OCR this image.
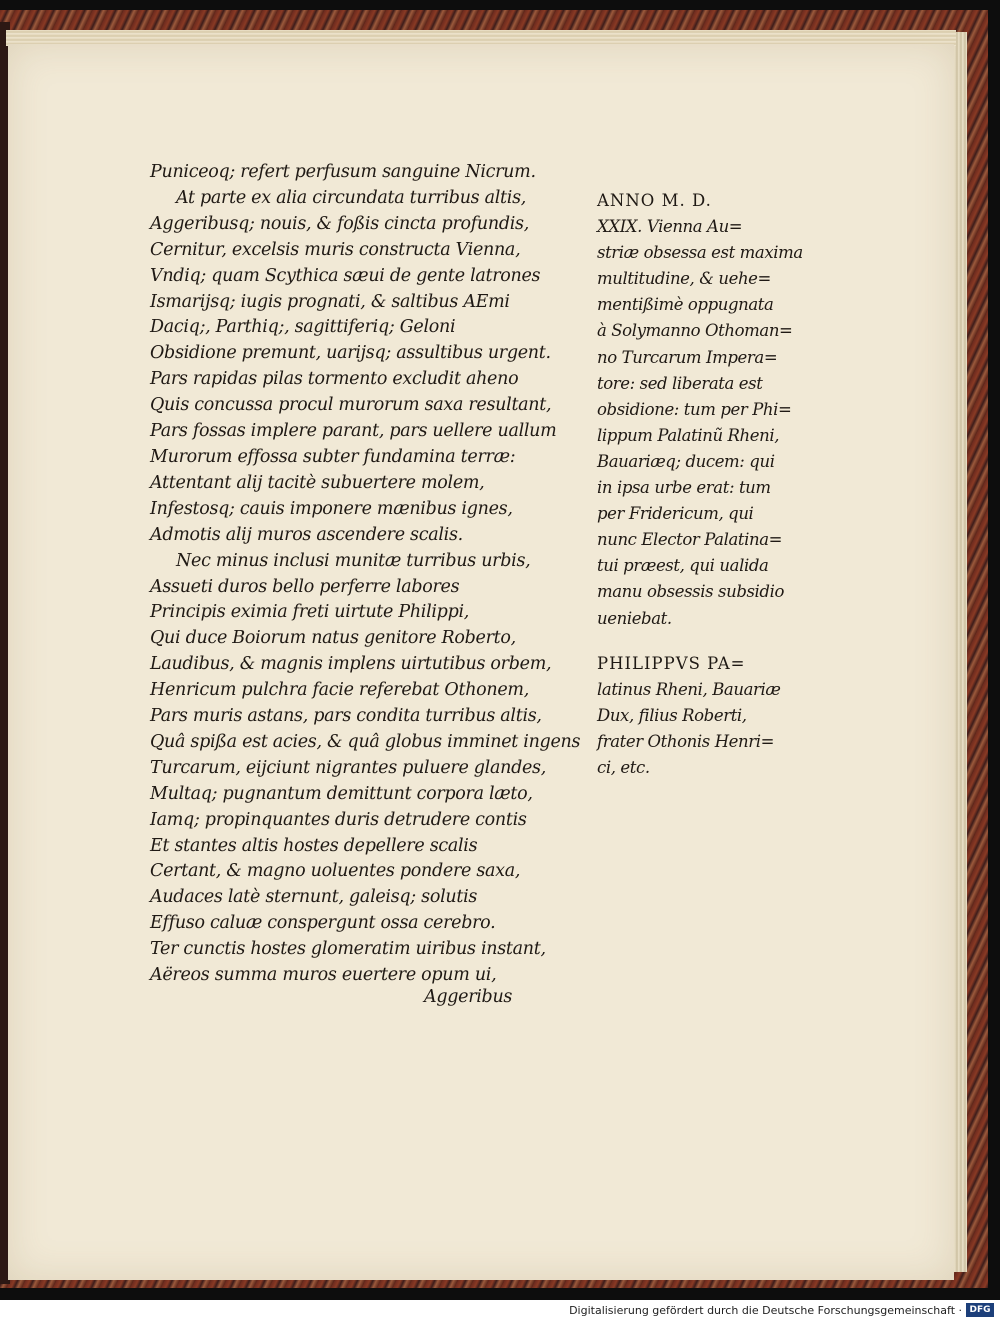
Puniceoq; refert perfusum sanguine Nicrum.
At parte ex alia circundata turribus altis,
Aggeribusq; nouis, & foßis cincta profundis,
Cernitur, excelsis muris constructa Vienna,
Vndiq; quam Scythica sæui de gente latrones
Ismarijsq; iugis prognati, & saltibus AEmi
Daciq;, Parthiq;, sagittiferiq; Geloni
Obsidione premunt, uarijsq; assultibus urgent.
Pars rapidas pilas tormento excludit aheno
Quis concussa procul murorum saxa resultant,
Pars fossas implere parant, pars uellere uallum
Murorum effossa subter fundamina terræ:
Attentant alij tacitè subuertere molem,
Infestosq; cauis imponere mænibus ignes,
Admotis alij muros ascendere scalis.
Nec minus inclusi munitæ turribus urbis,
Assueti duros bello perferre labores
Principis eximia freti uirtute Philippi,
Qui duce Boiorum natus genitore Roberto,
Laudibus, & magnis implens uirtutibus orbem,
Henricum pulchra facie referebat Othonem,
Pars muris astans, pars condita turribus altis,
Quâ spißa est acies, & quâ globus imminet ingens
Turcarum, eijciunt nigrantes puluere glandes,
Multaq; pugnantum demittunt corpora læto,
Iamq; propinquantes duris detrudere contis
Et stantes altis hostes depellere scalis
Certant, & magno uoluentes pondere saxa,
Audaces latè sternunt, galeisq; solutis
Effuso caluæ conspergunt ossa cerebro.
Ter cunctis hostes glomeratim uiribus instant,
Aëreos summa muros euertere opum ui,
Aggeribus
ANNO M. D.
XXIX. Vienna Au=
striæ obsessa est maxima
multitudine, & uehe=
mentißimè oppugnata
à Solymanno Othoman=
no Turcarum Impera=
tore: sed liberata est
obsidione: tum per Phi=
lippum Palatinũ Rheni,
Bauariæq; ducem: qui
in ipsa urbe erat: tum
per Fridericum, qui
nunc Elector Palatina=
tui præest, qui ualida
manu obsessis subsidio
ueniebat.
PHILIPPVS PA=
latinus Rheni, Bauariæ
Dux, filius Roberti,
frater Othonis Henri=
ci, etc.
Digitalisierung gefördert durch die Deutsche Forschungsgemeinschaft · DFG
